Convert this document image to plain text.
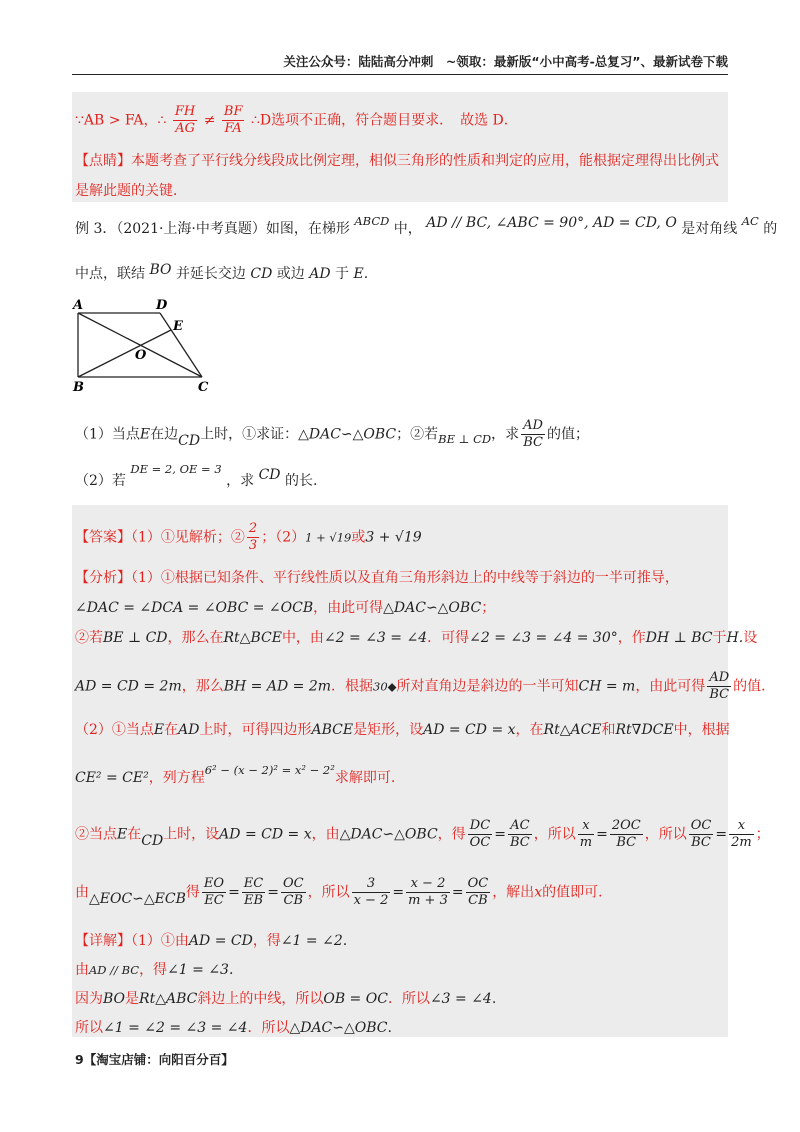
关注公众号：陆陆高分冲刺　~领取：最新版“小中高考-总复习”、最新试卷下载
∵AB > FA，∴ $\frac{FH}{AG} \ne \frac{BF}{FA}$ ∴D选项不正确，符合题目要求．　故选 D．
【点睛】本题考查了平行线分线段成比例定理，相似三角形的性质和判定的应用，能根据定理得出比例式
是解此题的关键．
例 3．（2021·上海·中考真题）如图，在梯形 $^{ABCD}$ 中， AD // BC, ∠ABC = 90°, AD = CD, O 是对角线 $^{AC}$ 的
中点，联结 BO 并延长交边 CD 或边 AD 于 E.
A	D
E
O
B	C
（1）当点E在边CD上时，①求证：△DAC∽△OBC；②若$_{BE \perp CD}$，求 $\frac{AD}{BC}$ 的值；
（2）若 $^{DE = 2, OE = 3}$ ，求 CD 的长.
【答案】（1）①见解析；② $\frac{2}{3}$ ；（2）1 + √19或3 + √19
【分析】（1）①根据已知条件、平行线性质以及直角三角形斜边上的中线等于斜边的一半可推导，
∠DAC = ∠DCA = ∠OBC = ∠OCB，由此可得△DAC∽△OBC；
②若BE ⊥ CD，那么在Rt△BCE中，由∠2 = ∠3 = ∠4．可得∠2 = ∠3 = ∠4 = 30°，作DH ⊥ BC于H.设
AD = CD = 2m，那么BH = AD = 2m．根据30◆所对直角边是斜边的一半可知CH = m，由此可得 $\frac{AD}{BC}$ 的值．
（2）①当点E在AD上时，可得四边形ABCE是矩形，设AD = CD = x，在Rt△ACE和Rt∇DCE中，根据
CE² = CE²，列方程$^{6^2 - (x - 2)^2 = x^2 - 2^2}$求解即可.
②当点E在CD上时，设AD = CD = x，由△DAC∽△OBC，得 $\frac{DC}{OC} = \frac{AC}{BC}$ ，所以 $\frac{x}{m} = \frac{2OC}{BC}$ ，所以 $\frac{OC}{BC} = \frac{x}{2m}$ ；
由△EOC∽△ECB得 $\frac{EO}{EC} = \frac{EC}{EB} = \frac{OC}{CB}$ ，所以 $\frac{3}{x - 2} = \frac{x - 2}{m + 3} = \frac{OC}{CB}$ ，解出x的值即可.
【详解】（1）①由AD = CD，得∠1 = ∠2.
由AD // BC，得∠1 = ∠3.
因为BO是Rt△ABC斜边上的中线，所以OB = OC．所以∠3 = ∠4.
所以∠1 = ∠2 = ∠3 = ∠4．所以△DAC∽△OBC.
9【淘宝店铺：向阳百分百】
